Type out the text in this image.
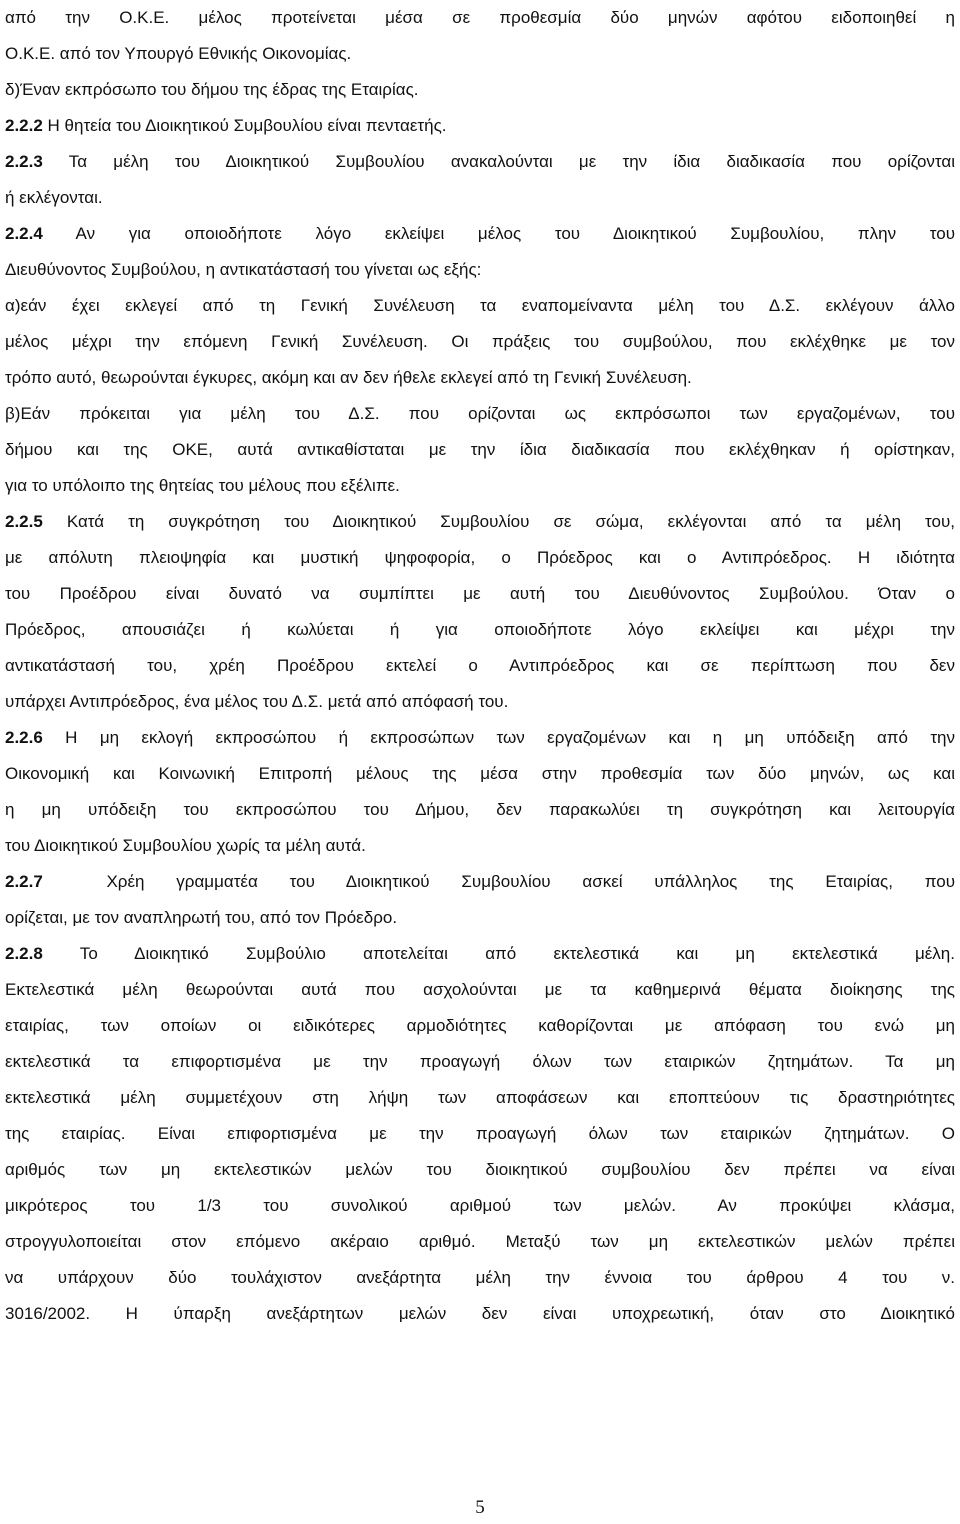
από την Ο.Κ.Ε. μέλος προτείνεται μέσα σε προθεσμία δύο μηνών αφότου ειδοποιηθεί η
Ο.Κ.Ε. από τον Υπουργό Εθνικής Οικονομίας.
δ)Έναν εκπρόσωπο του δήμου της έδρας της Εταιρίας.
2.2.2 Η θητεία του Διοικητικού Συμβουλίου είναι πενταετής.
2.2.3 Τα μέλη του Διοικητικού Συμβουλίου ανακαλούνται με την ίδια διαδικασία που ορίζονται
ή εκλέγονται.
2.2.4 Αν για οποιοδήποτε λόγο εκλείψει μέλος του Διοικητικού Συμβουλίου, πλην του
Διευθύνοντος Συμβούλου, η αντικατάστασή του γίνεται ως εξής:
α)εάν έχει εκλεγεί από τη Γενική Συνέλευση τα εναπομείναντα μέλη του Δ.Σ. εκλέγουν άλλο
μέλος μέχρι την επόμενη Γενική Συνέλευση. Οι πράξεις του συμβούλου, που εκλέχθηκε με τον
τρόπο αυτό, θεωρούνται έγκυρες, ακόμη και αν δεν ήθελε εκλεγεί από τη Γενική Συνέλευση.
β)Εάν πρόκειται για μέλη του Δ.Σ. που ορίζονται ως εκπρόσωποι των εργαζομένων, του
δήμου και της ΟΚΕ, αυτά αντικαθίσταται με την ίδια διαδικασία που εκλέχθηκαν ή ορίστηκαν,
για το υπόλοιπο της θητείας του μέλους που εξέλιπε.
2.2.5 Κατά τη συγκρότηση του Διοικητικού Συμβουλίου σε σώμα, εκλέγονται από τα μέλη του,
με απόλυτη πλειοψηφία και μυστική ψηφοφορία, ο Πρόεδρος και ο Αντιπρόεδρος. Η ιδιότητα
του Προέδρου είναι δυνατό να συμπίπτει με αυτή του Διευθύνοντος Συμβούλου. Όταν ο
Πρόεδρος, απουσιάζει ή κωλύεται ή για οποιοδήποτε λόγο εκλείψει και μέχρι την
αντικατάστασή του, χρέη Προέδρου εκτελεί ο Αντιπρόεδρος και σε περίπτωση που δεν
υπάρχει Αντιπρόεδρος, ένα μέλος του Δ.Σ. μετά από απόφασή του.
2.2.6 Η μη εκλογή εκπροσώπου ή εκπροσώπων των εργαζομένων και η μη υπόδειξη από την
Οικονομική και Κοινωνική Επιτροπή μέλους της μέσα στην προθεσμία των δύο μηνών, ως και
η μη υπόδειξη του εκπροσώπου του Δήμου, δεν παρακωλύει τη συγκρότηση και λειτουργία
του Διοικητικού Συμβουλίου χωρίς τα μέλη αυτά.
2.2.7  Χρέη γραμματέα του Διοικητικού Συμβουλίου ασκεί υπάλληλος της Εταιρίας, που
ορίζεται, με τον αναπληρωτή του, από τον Πρόεδρο.
2.2.8 Το Διοικητικό Συμβούλιο αποτελείται από εκτελεστικά και μη εκτελεστικά μέλη.
Εκτελεστικά μέλη θεωρούνται αυτά που ασχολούνται με τα καθημερινά θέματα διοίκησης της
εταιρίας, των οποίων οι ειδικότερες αρμοδιότητες καθορίζονται με απόφαση του ενώ μη
εκτελεστικά τα επιφορτισμένα με την προαγωγή όλων των εταιρικών ζητημάτων. Τα μη
εκτελεστικά μέλη συμμετέχουν στη λήψη των αποφάσεων και εποπτεύουν τις δραστηριότητες
της εταιρίας. Είναι επιφορτισμένα με την προαγωγή όλων των εταιρικών ζητημάτων. Ο
αριθμός των μη εκτελεστικών μελών του διοικητικού συμβουλίου δεν πρέπει να είναι
μικρότερος του 1/3 του συνολικού αριθμού των μελών. Αν προκύψει κλάσμα,
στρογγυλοποιείται στον επόμενο ακέραιο αριθμό. Μεταξύ των μη εκτελεστικών μελών πρέπει
να υπάρχουν δύο τουλάχιστον ανεξάρτητα μέλη την έννοια του άρθρου 4 του ν.
3016/2002. Η ύπαρξη ανεξάρτητων μελών δεν είναι υποχρεωτική, όταν στο Διοικητικό
5
